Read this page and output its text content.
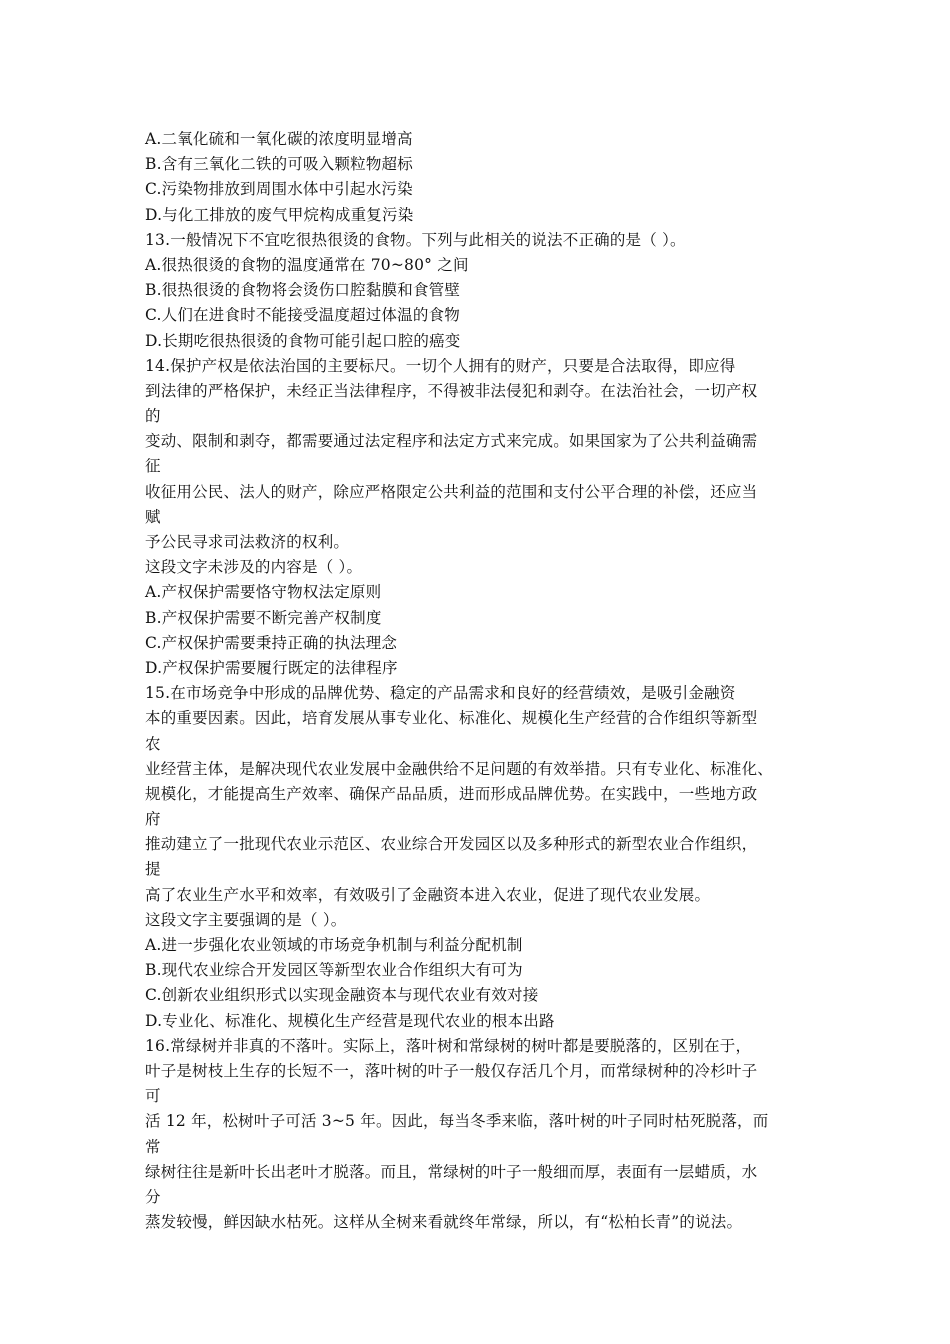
A.二氧化硫和一氧化碳的浓度明显增高
B.含有三氧化二铁的可吸入颗粒物超标
C.污染物排放到周围水体中引起水污染
D.与化工排放的废气甲烷构成重复污染
13.一般情况下不宜吃很热很烫的食物。下列与此相关的说法不正确的是（ ）。
A.很热很烫的食物的温度通常在 70~80° 之间
B.很热很烫的食物将会烫伤口腔黏膜和食管壁
C.人们在进食时不能接受温度超过体温的食物
D.长期吃很热很烫的食物可能引起口腔的癌变
14.保护产权是依法治国的主要标尺。一切个人拥有的财产，只要是合法取得，即应得
到法律的严格保护，未经正当法律程序，不得被非法侵犯和剥夺。在法治社会，一切产权
的
变动、限制和剥夺，都需要通过法定程序和法定方式来完成。如果国家为了公共利益确需
征
收征用公民、法人的财产，除应严格限定公共利益的范围和支付公平合理的补偿，还应当
赋
予公民寻求司法救济的权利。
这段文字未涉及的内容是（ ）。
A.产权保护需要恪守物权法定原则
B.产权保护需要不断完善产权制度
C.产权保护需要秉持正确的执法理念
D.产权保护需要履行既定的法律程序
15.在市场竞争中形成的品牌优势、稳定的产品需求和良好的经营绩效，是吸引金融资
本的重要因素。因此，培育发展从事专业化、标准化、规模化生产经营的合作组织等新型
农
业经营主体，是解决现代农业发展中金融供给不足问题的有效举措。只有专业化、标准化、
规模化，才能提高生产效率、确保产品品质，进而形成品牌优势。在实践中，一些地方政
府
推动建立了一批现代农业示范区、农业综合开发园区以及多种形式的新型农业合作组织，
提
高了农业生产水平和效率，有效吸引了金融资本进入农业，促进了现代农业发展。
这段文字主要强调的是（ ）。
A.进一步强化农业领域的市场竞争机制与利益分配机制
B.现代农业综合开发园区等新型农业合作组织大有可为
C.创新农业组织形式以实现金融资本与现代农业有效对接
D.专业化、标准化、规模化生产经营是现代农业的根本出路
16.常绿树并非真的不落叶。实际上，落叶树和常绿树的树叶都是要脱落的，区别在于，
叶子是树枝上生存的长短不一，落叶树的叶子一般仅存活几个月，而常绿树种的冷杉叶子
可
活 12 年，松树叶子可活 3~5 年。因此，每当冬季来临，落叶树的叶子同时枯死脱落，而
常
绿树往往是新叶长出老叶才脱落。而且，常绿树的叶子一般细而厚，表面有一层蜡质，水
分
蒸发较慢，鲜因缺水枯死。这样从全树来看就终年常绿，所以，有“松柏长青”的说法。
